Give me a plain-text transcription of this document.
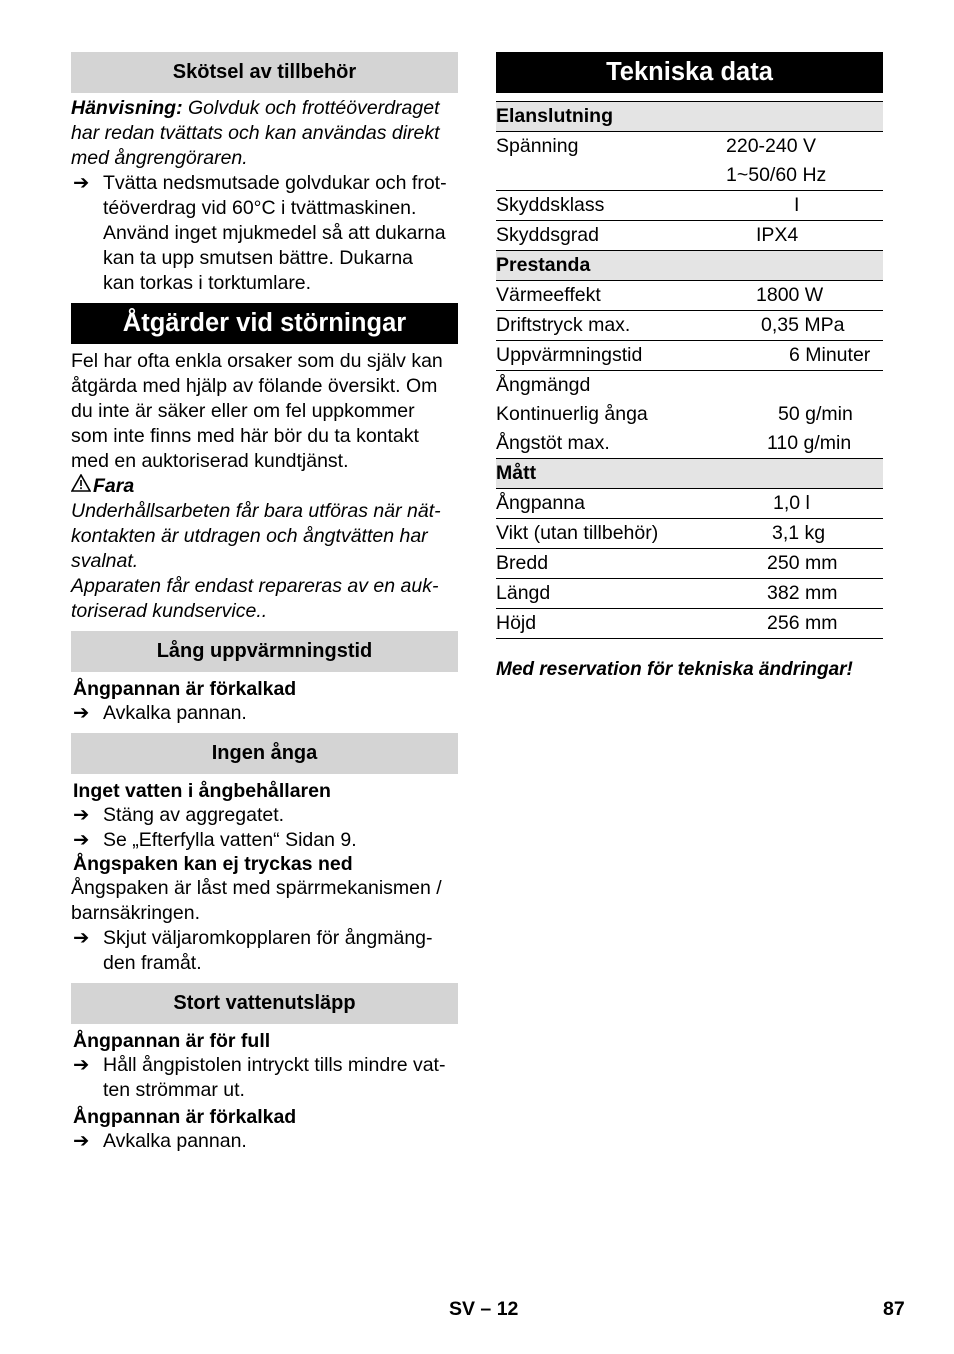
Skötsel av tillbehör
Hänvisning: Golvduk och frottéöverdraget har redan tvättats och kan användas direkt med ångrengöraren.
➔ Tvätta nedsmutsade golvdukar och frot-
téöverdrag vid 60°C i tvättmaskinen.
Använd inget mjukmedel så att dukarna
kan ta upp smutsen bättre. Dukarna
kan torkas i torktumlare.
Åtgärder vid störningar
Fel har ofta enkla orsaker som du själv kan
åtgärda med hjälp av fölande översikt. Om
du inte är säker eller om fel uppkommer
som inte finns med här bör du ta kontakt
med en auktoriserad kundtjänst.
Fara
Underhållsarbeten får bara utföras när nät-
kontakten är utdragen och ångtvätten har
svalnat.
Apparaten får endast repareras av en auk-
toriserad kundservice..
Lång uppvärmningstid
Ångpannan är förkalkad
➔ Avkalka pannan.
Ingen ånga
Inget vatten i ångbehållaren
➔ Stäng av aggregatet.
➔ Se „Efterfylla vatten“ Sidan 9.
Ångspaken kan ej tryckas ned
Ångspaken är låst med spärrmekanismen /
barnsäkringen.
➔ Skjut väljaromkopplaren för ångmäng-
den framåt.
Stort vattenutsläpp
Ångpannan är för full
➔ Håll ångpistolen intryckt tills mindre vat-
ten strömmar ut.
Ångpannan är förkalkad
➔ Avkalka pannan.
Tekniska data
Elanslutning	
Spänning	220-240 V
	1~50/60 Hz
Skyddsklass	I
Skyddsgrad	IPX4
Prestanda	
Värmeeffekt	1800 W
Driftstryck max.	0,35 MPa
Uppvärmningstid	6 Minuter
Ångmängd	
Kontinuerlig ånga	50 g/min
Ångstöt max.	110 g/min
Mått	
Ångpanna	1,0 l
Vikt (utan tillbehör)	3,1 kg
Bredd	250 mm
Längd	382 mm
Höjd	256 mm
Med reservation för tekniska ändringar!
SV – 12	87
